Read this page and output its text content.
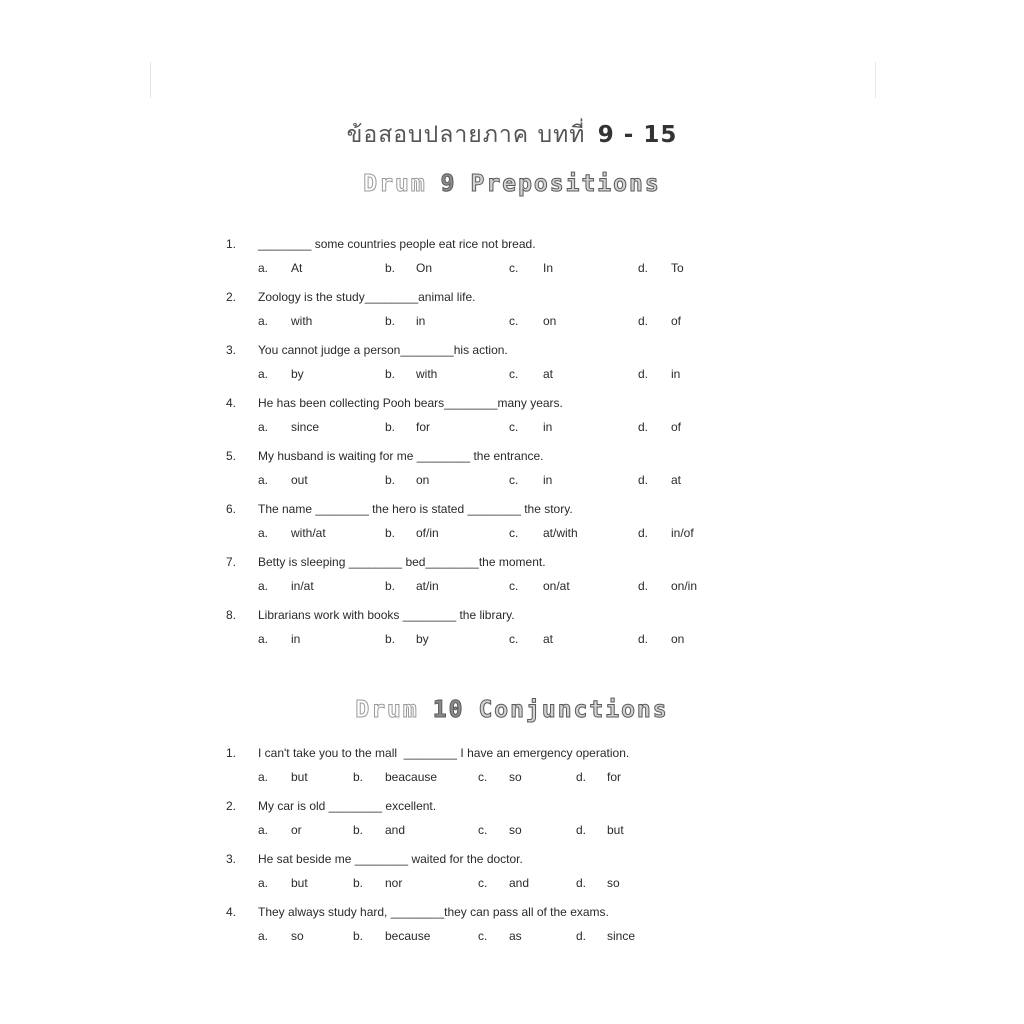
ข้อสอบปลายภาค บทที่ 9 - 15
Drum 9 Prepositions
1. ________ some countries people eat rice not bread.
a. At	b. On	c. In	d. To
2. Zoology is the study________animal life.
a. with	b. in	c. on	d. of
3. You cannot judge a person________his action.
a. by	b. with	c. at	d. in
4. He has been collecting Pooh bears________many years.
a. since	b. for	c. in	d. of
5. My husband is waiting for me ________ the entrance.
a. out	b. on	c. in	d. at
6. The name ________ the hero is stated ________ the story.
a. with/at	b. of/in	c. at/with	d. in/of
7. Betty is sleeping ________ bed________the moment.
a. in/at	b. at/in	c. on/at	d. on/in
8. Librarians work with books ________ the library.
a. in	b. by	c. at	d. on
Drum 10 Conjunctions
1. I can't take you to the mall  ________ I have an emergency operation.
a. but	b. beacause	c. so	d. for
2. My car is old ________ excellent.
a. or	b. and	c. so	d. but
3. He sat beside me ________ waited for the doctor.
a. but	b. nor	c. and	d. so
4. They always study hard, ________they can pass all of the exams.
a. so	b. because	c. as	d. since
